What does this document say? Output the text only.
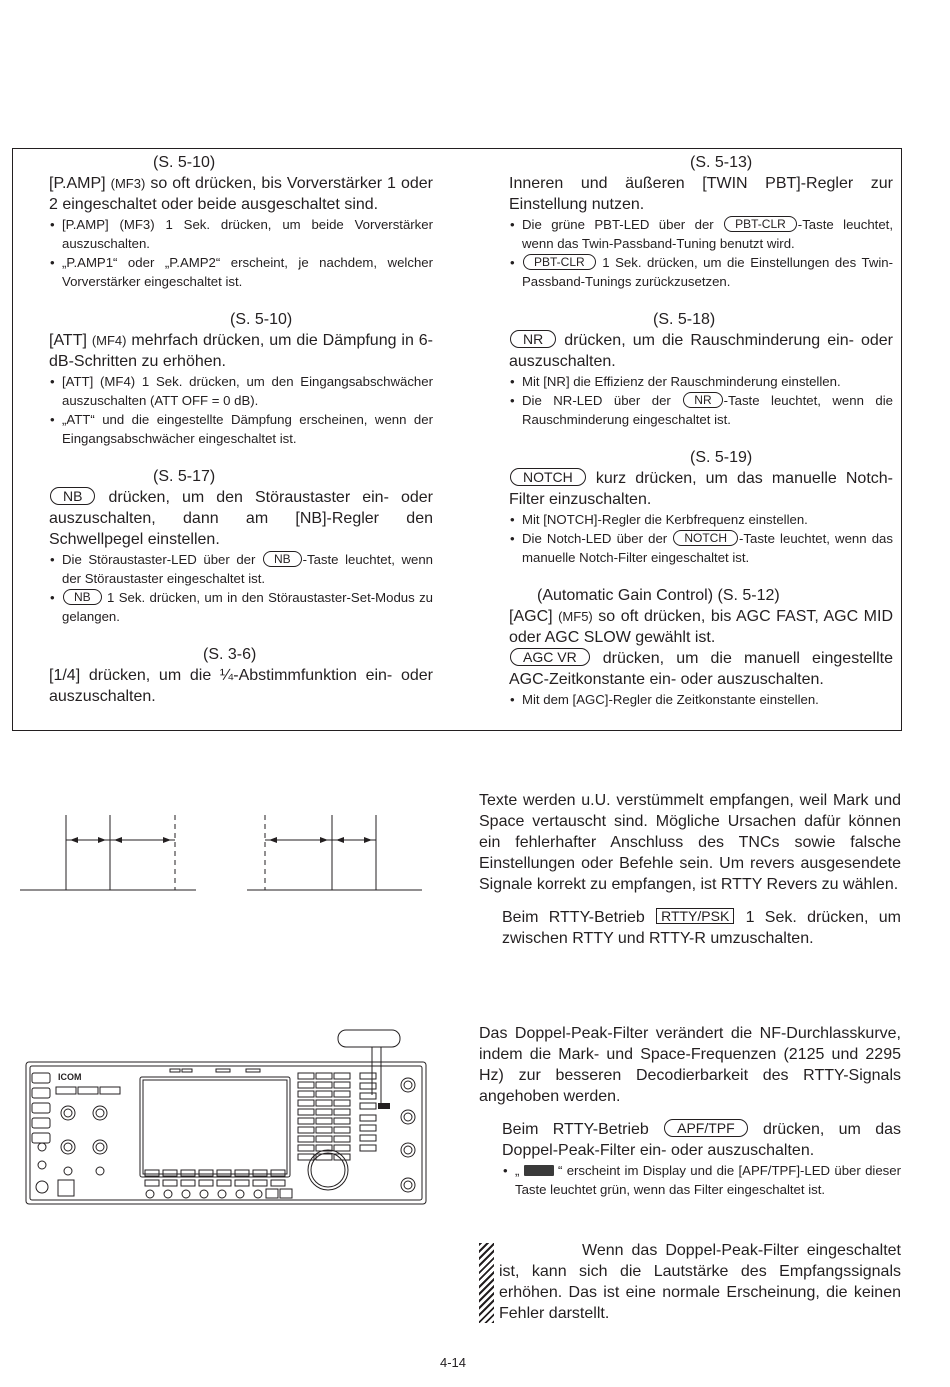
(S. 5-10)

[P.AMP] (MF3) so oft drücken, bis Vorverstärker 1 oder 2 eingeschaltet oder beide ausgeschaltet sind.

• [P.AMP] (MF3) 1 Sek. drücken, um beide Vorverstärker auszuschalten.
• „P.AMP1“ oder „P.AMP2“ erscheint, je nachdem, welcher Vorverstärker eingeschaltet ist.
(S. 5-10)

[ATT] (MF4) mehrfach drücken, um die Dämpfung in 6-dB-Schritten zu erhöhen.

• [ATT] (MF4) 1 Sek. drücken, um den Eingangsabschwächer auszuschalten (ATT OFF = 0 dB).
• „ATT“ und die eingestellte Dämpfung erscheinen, wenn der Eingangsabschwächer eingeschaltet ist.
(S. 5-17)

NB drücken, um den Störaustaster ein- oder auszuschalten, dann am [NB]-Regler den Schwellpegel einstellen.

• Die Störaustaster-LED über der NB -Taste leuchtet, wenn der Störaustaster eingeschaltet ist.
• NB 1 Sek. drücken, um in den Störaustaster-Set-Modus zu gelangen.
(S. 3-6)

[1/4] drücken, um die ¼-Abstimmfunktion ein- oder auszuschalten.

(S. 5-13)

Inneren und äußeren [TWIN PBT]-Regler zur Einstellung nutzen.

• Die grüne PBT-LED über der PBT-CLR -Taste leuchtet, wenn das Twin-Passband-Tuning benutzt wird.
• PBT-CLR 1 Sek. drücken, um die Einstellungen des Twin-Passband-Tunings zurückzusetzen.
(S. 5-18)

NR drücken, um die Rauschminderung ein- oder auszuschalten.

• Mit [NR] die Effizienz der Rauschminderung einstellen.
• Die NR-LED über der NR -Taste leuchtet, wenn die Rauschminderung eingeschaltet ist.
(S. 5-19)

NOTCH kurz drücken, um das manuelle Notch-Filter einzuschalten.

• Mit [NOTCH]-Regler die Kerbfrequenz einstellen.
• Die Notch-LED über der NOTCH -Taste leuchtet, wenn das manuelle Notch-Filter eingeschaltet ist.
(Automatic Gain Control) (S. 5-12)

[AGC] (MF5) so oft drücken, bis AGC FAST, AGC MID oder AGC SLOW gewählt ist.

AGC VR drücken, um die manuell eingestellte AGC-Zeitkonstante ein- oder auszuschalten.

• Mit dem [AGC]-Regler die Zeitkonstante einstellen.

Texte werden u.U. verstümmelt empfangen, weil Mark und Space vertauscht sind. Mögliche Ursachen dafür können ein fehlerhafter Anschluss des TNCs sowie falsche Einstellungen oder Befehle sein. Um revers ausgesendete Signale korrekt zu empfangen, ist RTTY Revers zu wählen.

Beim RTTY-Betrieb RTTY/PSK 1 Sek. drücken, um zwischen RTTY und RTTY-R umzuschalten.

ICOM

Das Doppel-Peak-Filter verändert die NF-Durchlasskurve, indem die Mark- und Space-Frequenzen (2125 und 2295 Hz) zur besseren Decodierbarkeit des RTTY-Signals angehoben werden.

Beim RTTY-Betrieb APF/TPF drücken, um das Doppel-Peak-Filter ein- oder auszuschalten.

• „  “ erscheint im Display und die [APF/TPF]-LED über dieser Taste leuchtet grün, wenn das Filter eingeschaltet ist.

Wenn das Doppel-Peak-Filter eingeschaltet ist, kann sich die Lautstärke des Empfangssignals erhöhen. Das ist eine normale Erscheinung, die keinen Fehler darstellt.

4-14
